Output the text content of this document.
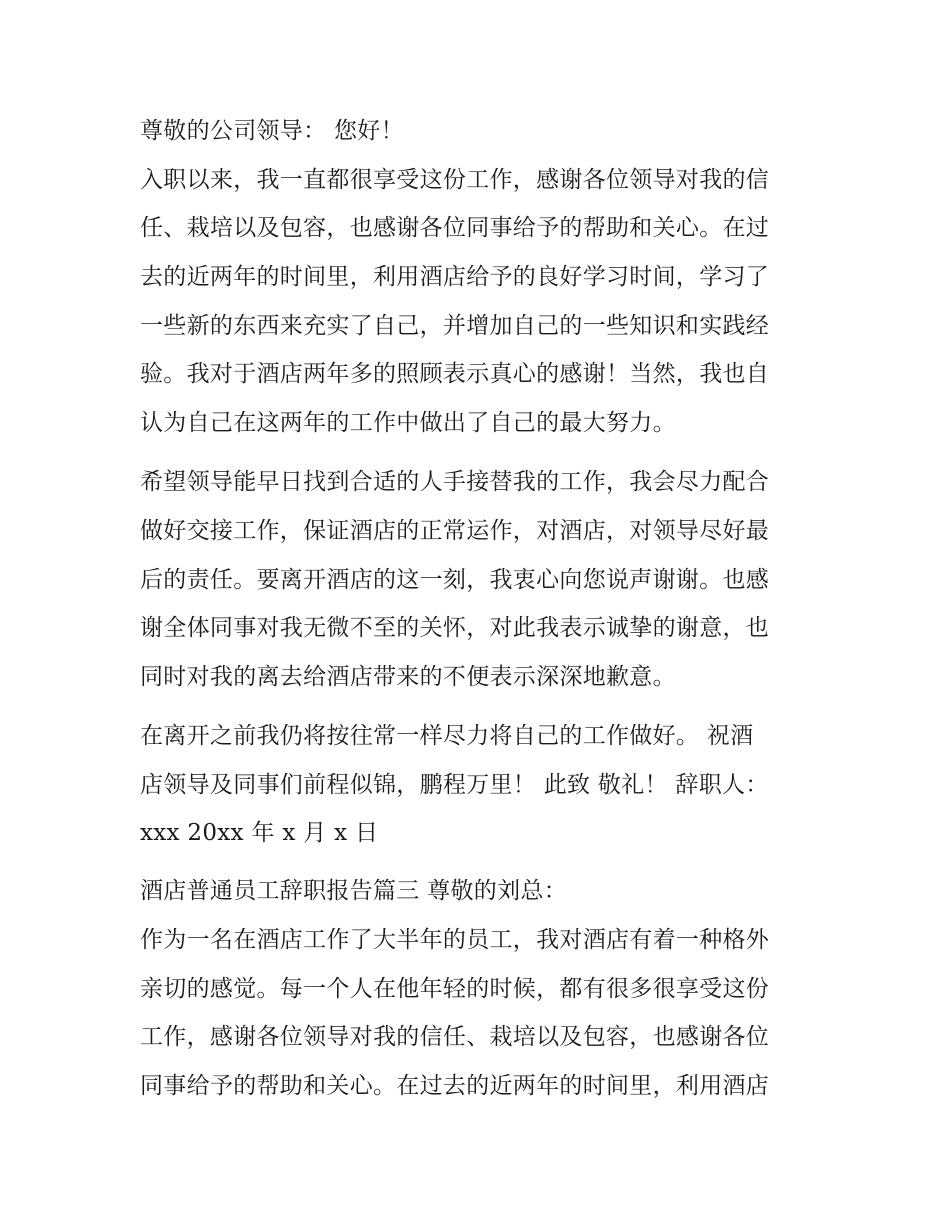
尊敬的公司领导： 您好！
入职以来，我一直都很享受这份工作，感谢各位领导对我的信
任、栽培以及包容，也感谢各位同事给予的帮助和关心。在过
去的近两年的时间里，利用酒店给予的良好学习时间，学习了
一些新的东西来充实了自己，并增加自己的一些知识和实践经
验。我对于酒店两年多的照顾表示真心的感谢！当然，我也自
认为自己在这两年的工作中做出了自己的最大努力。
希望领导能早日找到合适的人手接替我的工作，我会尽力配合
做好交接工作，保证酒店的正常运作，对酒店，对领导尽好最
后的责任。要离开酒店的这一刻，我衷心向您说声谢谢。也感
谢全体同事对我无微不至的关怀，对此我表示诚挚的谢意，也
同时对我的离去给酒店带来的不便表示深深地歉意。
在离开之前我仍将按往常一样尽力将自己的工作做好。 祝酒
店领导及同事们前程似锦，鹏程万里！ 此致 敬礼！ 辞职人：
xxx 20xx 年 x 月 x 日
酒店普通员工辞职报告篇三 尊敬的刘总：
作为一名在酒店工作了大半年的员工，我对酒店有着一种格外
亲切的感觉。每一个人在他年轻的时候，都有很多很享受这份
工作，感谢各位领导对我的信任、栽培以及包容，也感谢各位
同事给予的帮助和关心。在过去的近两年的时间里，利用酒店
